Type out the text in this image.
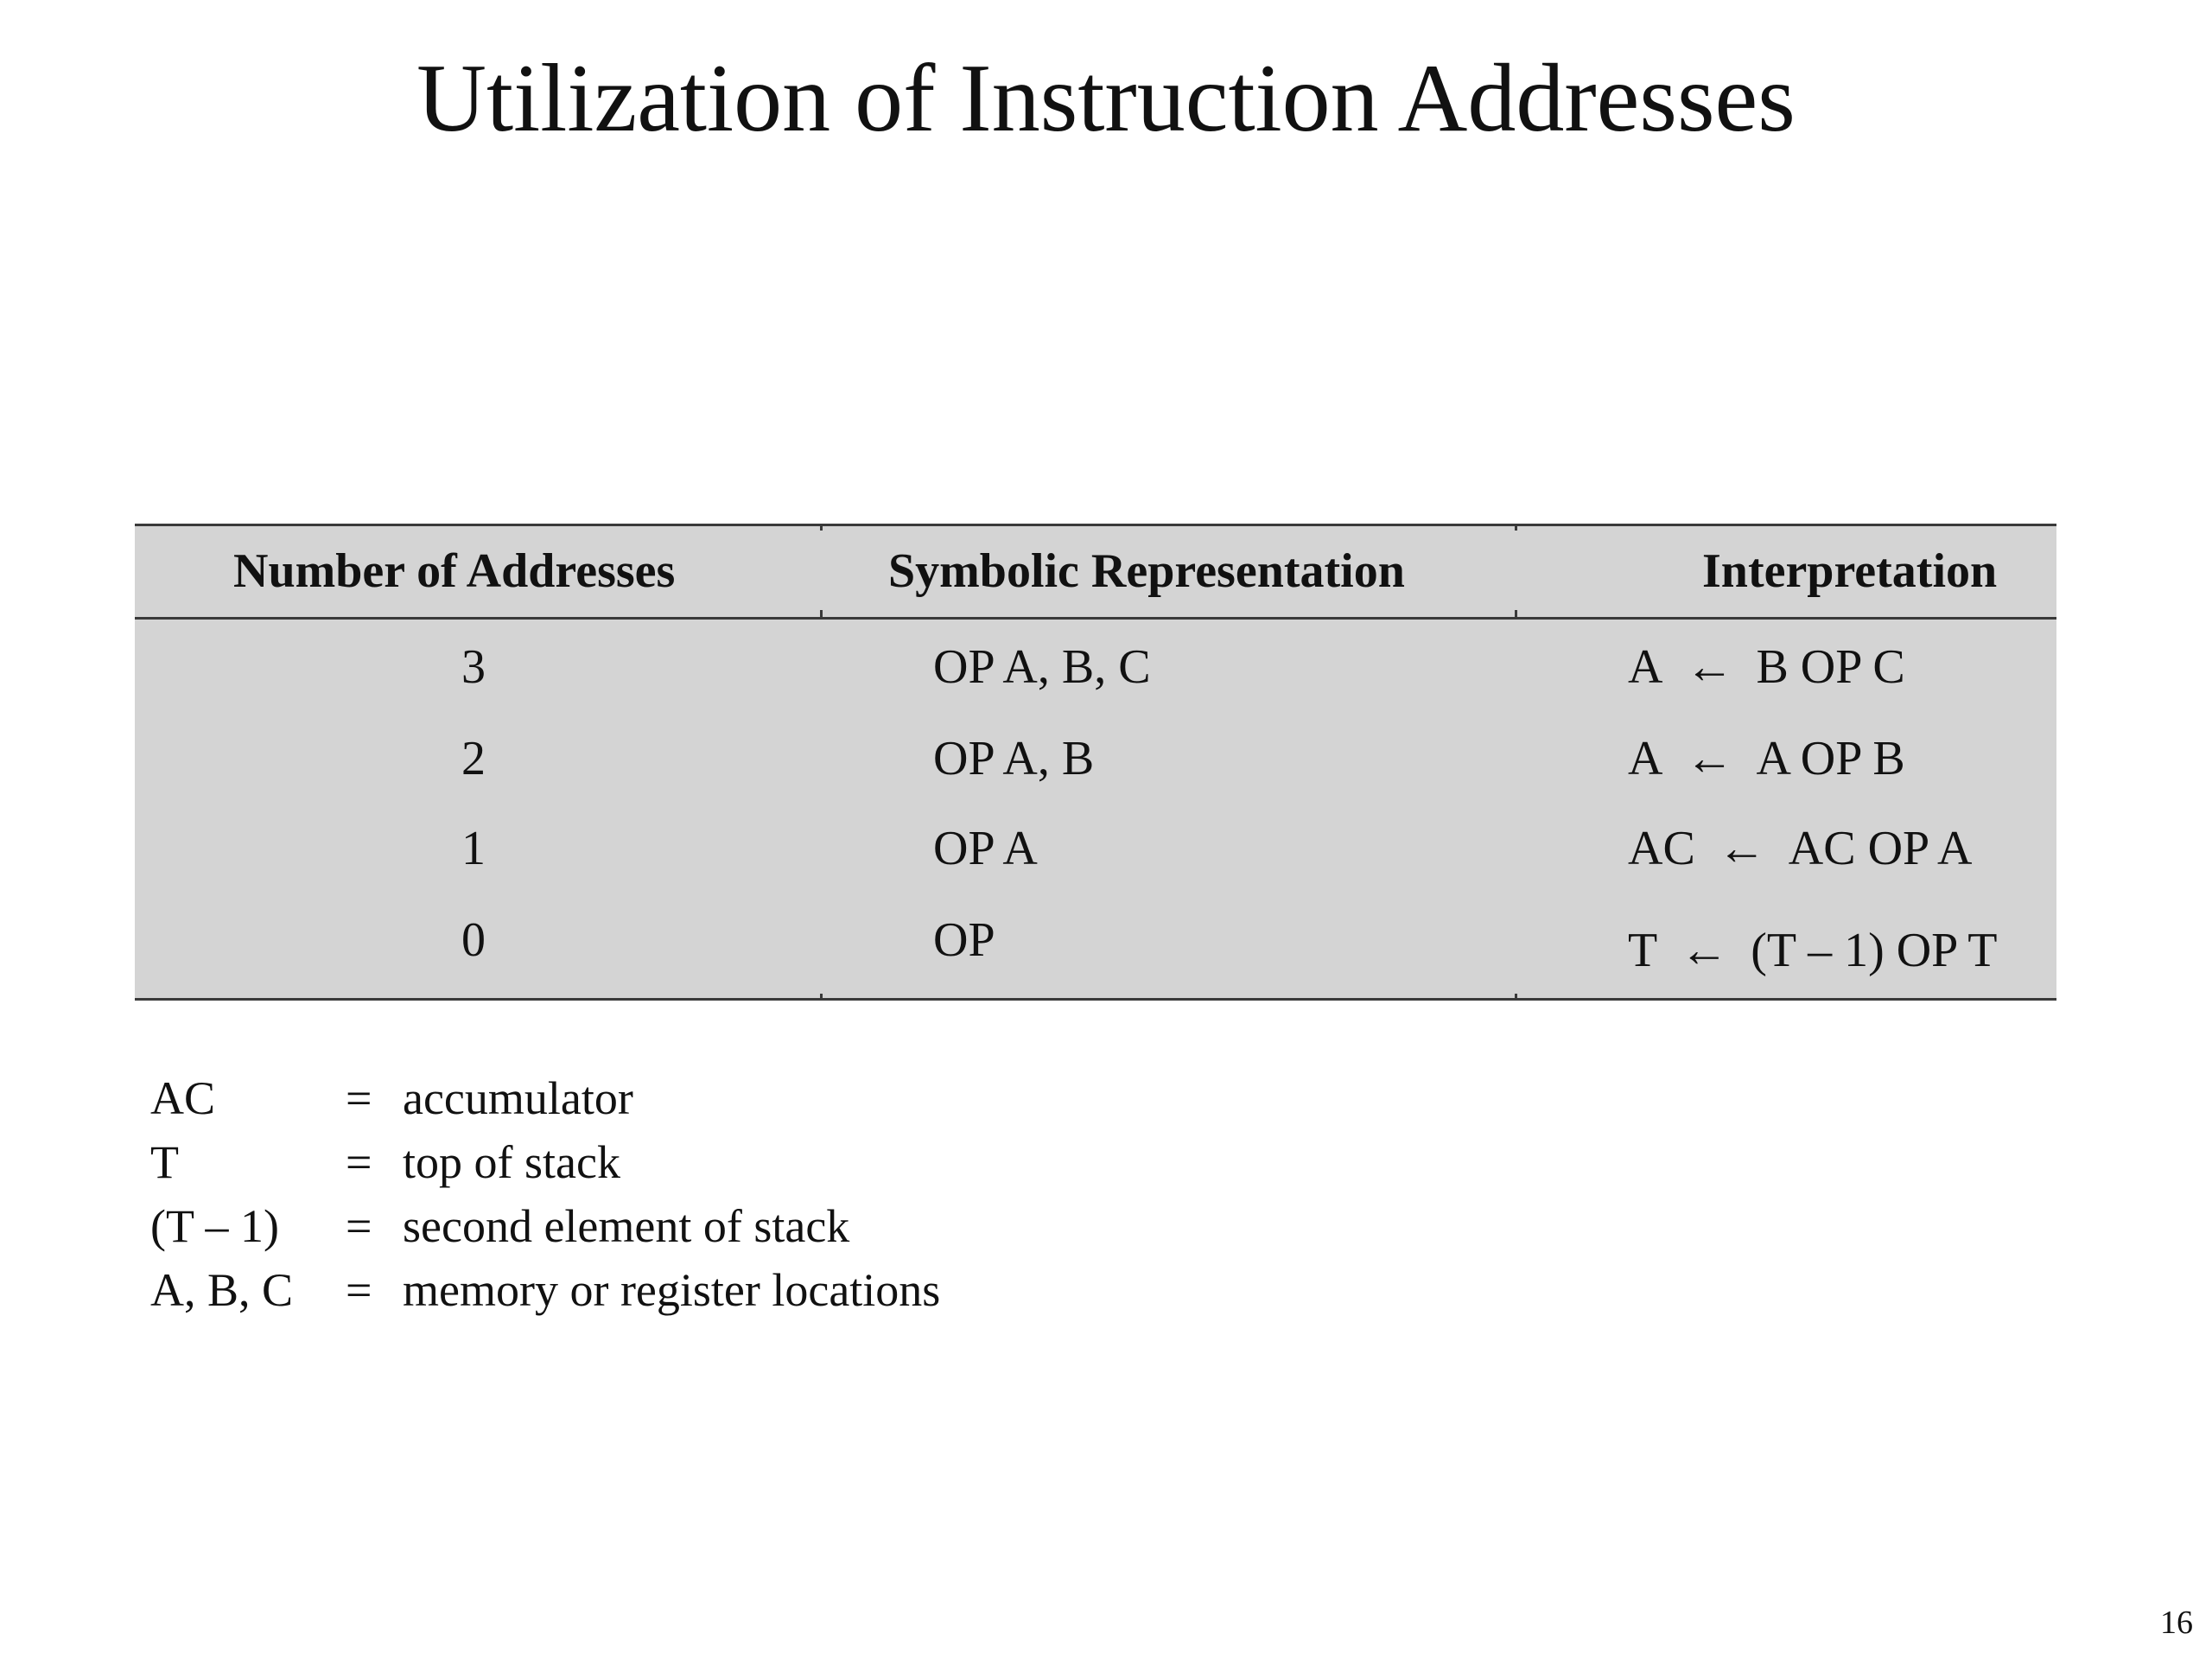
Utilization of Instruction Addresses
Number of Addresses	Symbolic Representation	Interpretation
3	OP A, B, C	A ← B OP C
2	OP A, B	A ← A OP B
1	OP A	AC ← AC OP A
0	OP	T ← (T – 1) OP T
AC	= accumulator
T	= top of stack
(T – 1) = second element of stack
A, B, C = memory or register locations
16
